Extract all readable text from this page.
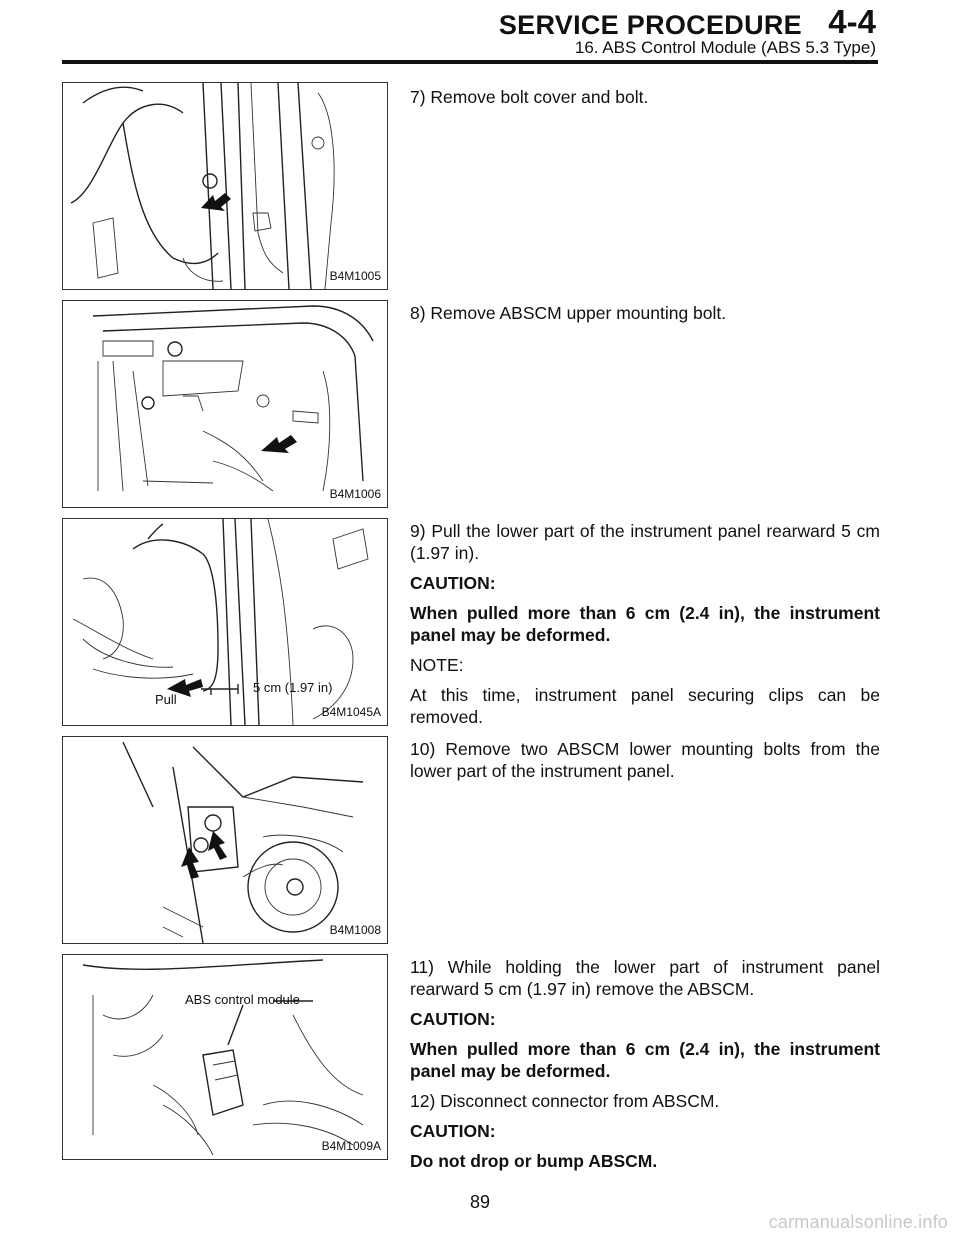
SERVICE PROCEDURE 4-4
16. ABS Control Module (ABS 5.3 Type)
B4M1005
B4M1006
Pull
5 cm (1.97 in)
B4M1045A
B4M1008
ABS control module
B4M1009A

7) Remove bolt cover and bolt.

8) Remove ABSCM upper mounting bolt.

9) Pull the lower part of the instrument panel rearward 5 cm (1.97 in).

CAUTION:

When pulled more than 6 cm (2.4 in), the instrument panel may be deformed.

NOTE:

At this time, instrument panel securing clips can be removed.

10) Remove two ABSCM lower mounting bolts from the lower part of the instrument panel.

11) While holding the lower part of instrument panel rearward 5 cm (1.97 in) remove the ABSCM.

CAUTION:

When pulled more than 6 cm (2.4 in), the instrument panel may be deformed.

12) Disconnect connector from ABSCM.

CAUTION:

Do not drop or bump ABSCM.

89
carmanualsonline.info
